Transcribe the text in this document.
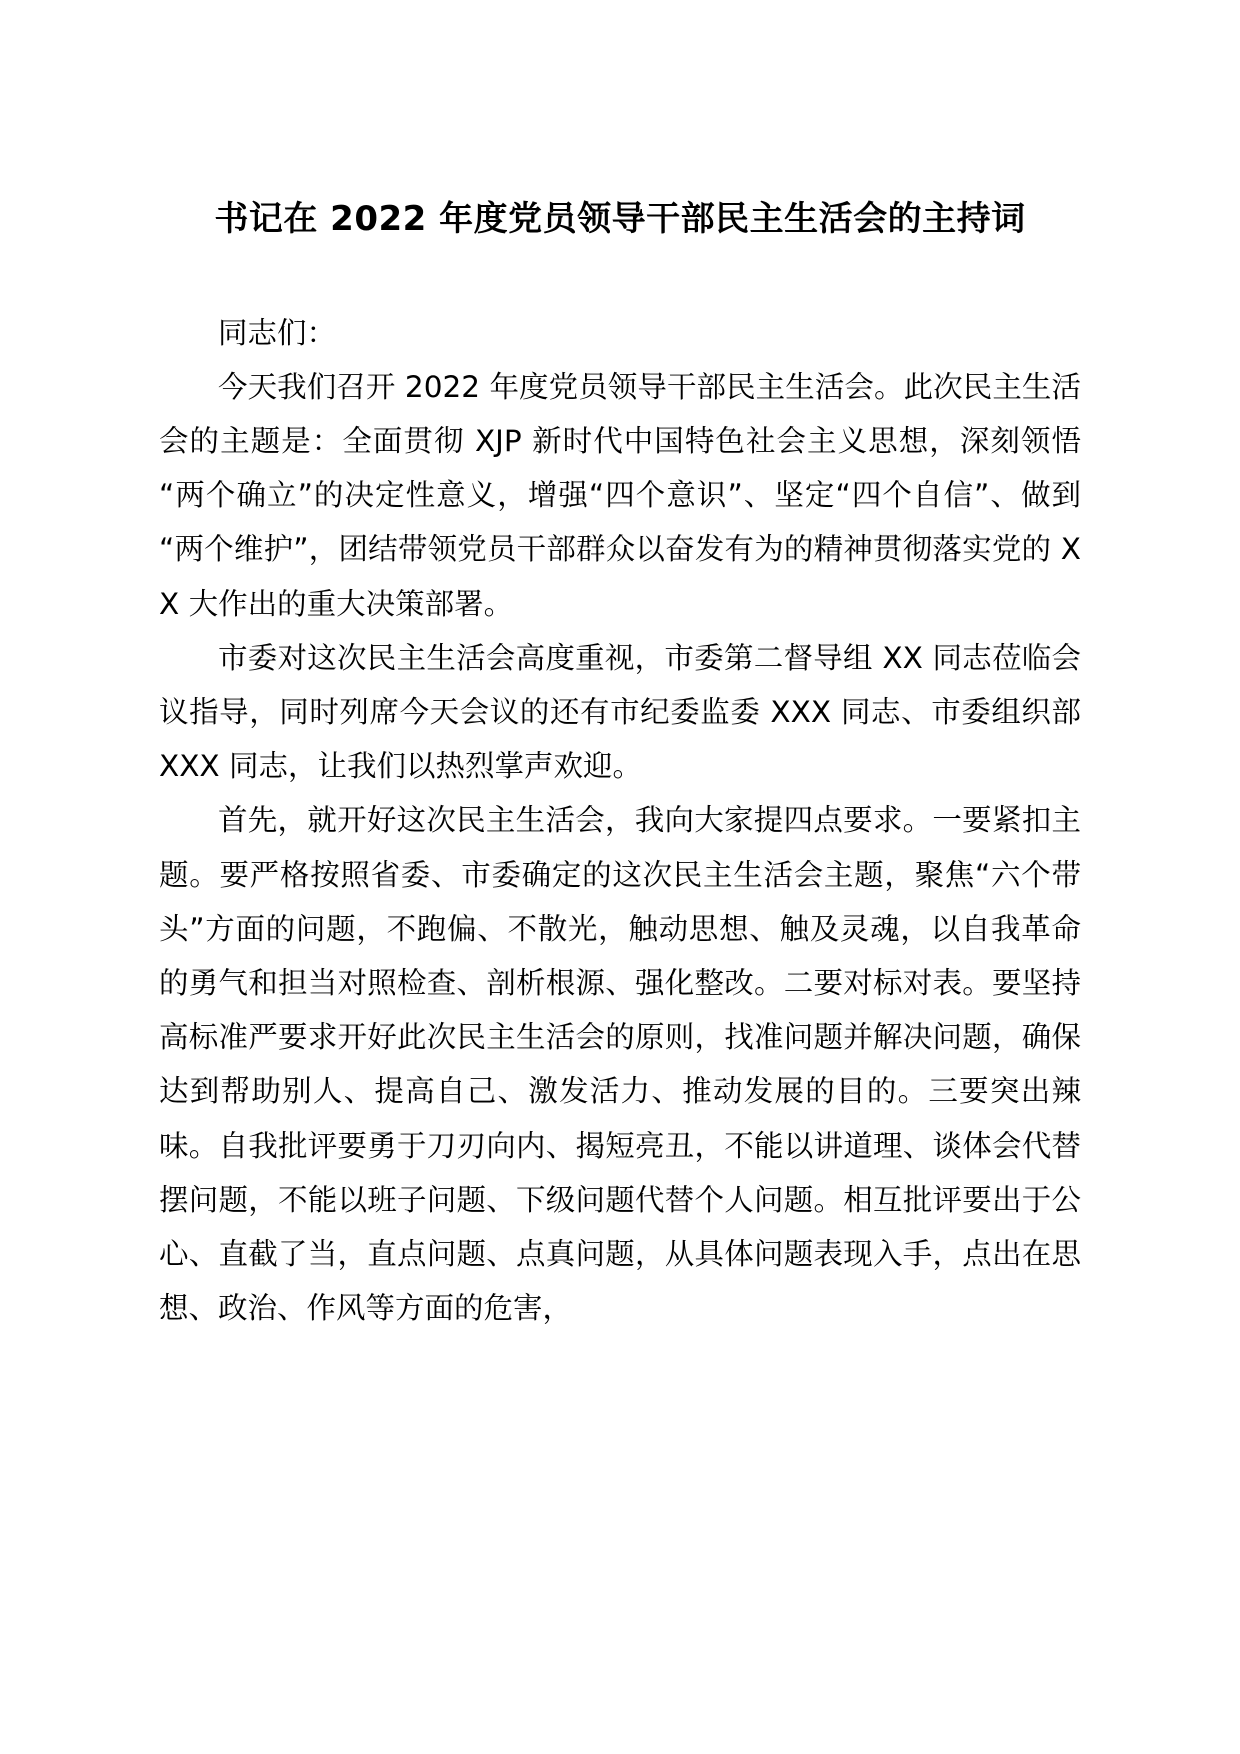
书记在 2022 年度党员领导干部民主生活会的主持词

同志们：

今天我们召开 2022 年度党员领导干部民主生活会。此次民主生活会的主题是：全面贯彻 XJP 新时代中国特色社会主义思想，深刻领悟“两个确立”的决定性意义，增强“四个意识”、坚定“四个自信”、做到“两个维护”，团结带领党员干部群众以奋发有为的精神贯彻落实党的 XX 大作出的重大决策部署。

市委对这次民主生活会高度重视，市委第二督导组 XX 同志莅临会议指导，同时列席今天会议的还有市纪委监委 XXX 同志、市委组织部 XXX 同志，让我们以热烈掌声欢迎。

首先，就开好这次民主生活会，我向大家提四点要求。一要紧扣主题。要严格按照省委、市委确定的这次民主生活会主题，聚焦“六个带头”方面的问题，不跑偏、不散光，触动思想、触及灵魂，以自我革命的勇气和担当对照检查、剖析根源、强化整改。二要对标对表。要坚持高标准严要求开好此次民主生活会的原则，找准问题并解决问题，确保达到帮助别人、提高自己、激发活力、推动发展的目的。三要突出辣味。自我批评要勇于刀刃向内、揭短亮丑，不能以讲道理、谈体会代替摆问题，不能以班子问题、下级问题代替个人问题。相互批评要出于公心、直截了当，直点问题、点真问题，从具体问题表现入手，点出在思想、政治、作风等方面的危害，
